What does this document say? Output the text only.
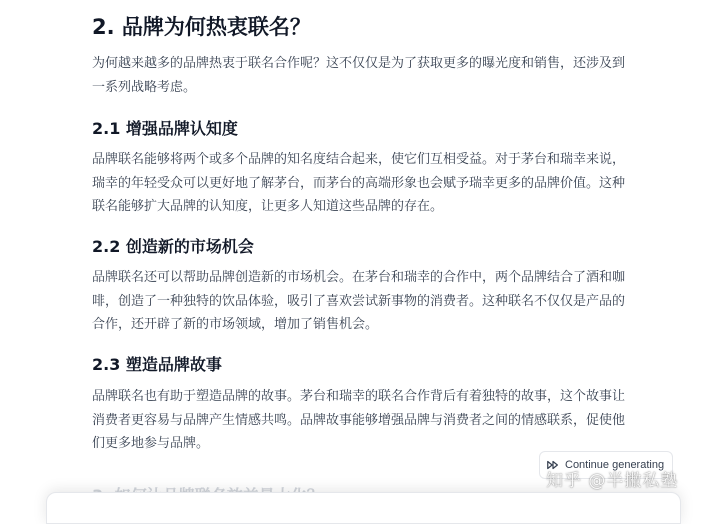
2. 品牌为何热衷联名？

为何越来越多的品牌热衷于联名合作呢？这不仅仅是为了获取更多的曝光度和销售，还涉及到一系列战略考虑。

2.1 增强品牌认知度

品牌联名能够将两个或多个品牌的知名度结合起来，使它们互相受益。对于茅台和瑞幸来说，瑞幸的年轻受众可以更好地了解茅台，而茅台的高端形象也会赋予瑞幸更多的品牌价值。这种联名能够扩大品牌的认知度，让更多人知道这些品牌的存在。

2.2 创造新的市场机会

品牌联名还可以帮助品牌创造新的市场机会。在茅台和瑞幸的合作中，两个品牌结合了酒和咖啡，创造了一种独特的饮品体验，吸引了喜欢尝试新事物的消费者。这种联名不仅仅是产品的合作，还开辟了新的市场领域，增加了销售机会。

2.3 塑造品牌故事

品牌联名也有助于塑造品牌的故事。茅台和瑞幸的联名合作背后有着独特的故事，这个故事让消费者更容易与品牌产生情感共鸣。品牌故事能够增强品牌与消费者之间的情感联系，促使他们更多地参与品牌。

Continue generating
知乎 @半撇私塾
